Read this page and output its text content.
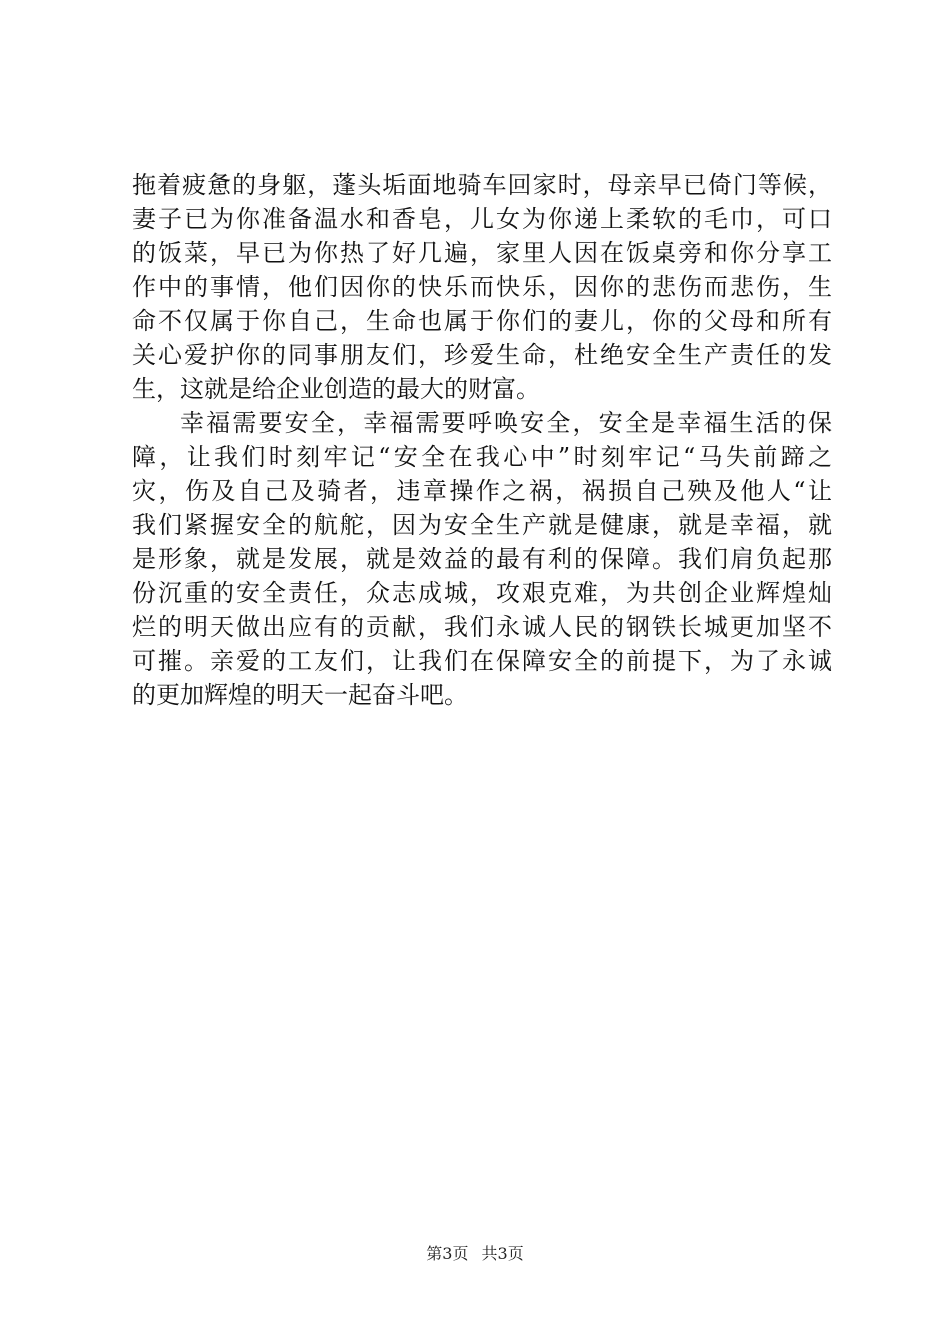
拖着疲惫的身躯，蓬头垢面地骑车回家时，母亲早已倚门等候，
妻子已为你准备温水和香皂，儿女为你递上柔软的毛巾，可口
的饭菜，早已为你热了好几遍，家里人因在饭桌旁和你分享工
作中的事情，他们因你的快乐而快乐，因你的悲伤而悲伤，生
命不仅属于你自己，生命也属于你们的妻儿，你的父母和所有
关心爱护你的同事朋友们，珍爱生命，杜绝安全生产责任的发
生，这就是给企业创造的最大的财富。
幸福需要安全，幸福需要呼唤安全，安全是幸福生活的保
障，让我们时刻牢记“安全在我心中”时刻牢记“马失前蹄之
灾，伤及自己及骑者，违章操作之祸，祸损自己殃及他人“让
我们紧握安全的航舵，因为安全生产就是健康，就是幸福，就
是形象，就是发展，就是效益的最有利的保障。我们肩负起那
份沉重的安全责任，众志成城，攻艰克难，为共创企业辉煌灿
烂的明天做出应有的贡献，我们永诚人民的钢铁长城更加坚不
可摧。亲爱的工友们，让我们在保障安全的前提下，为了永诚
的更加辉煌的明天一起奋斗吧。
第3页 共3页
